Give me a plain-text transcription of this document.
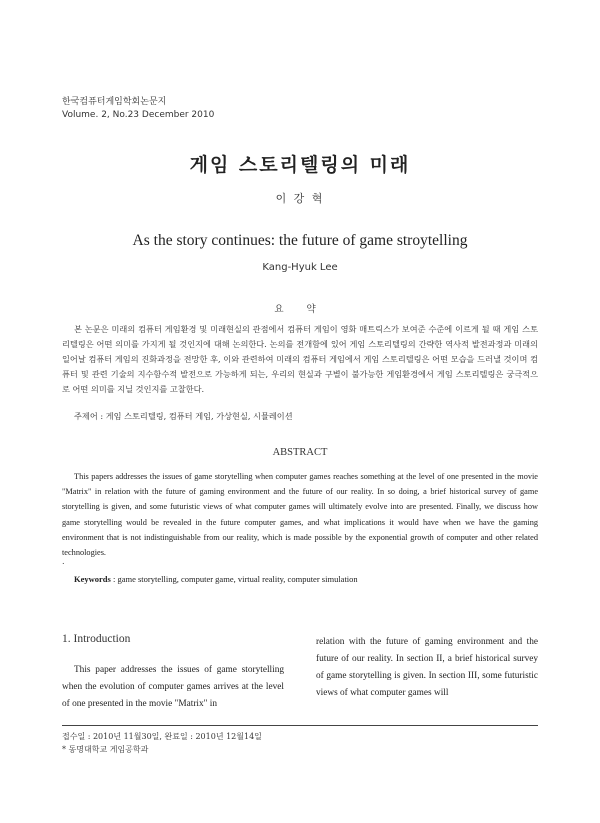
한국컴퓨터게임학회논문지
Volume. 2, No.23 December 2010
게임 스토리텔링의 미래
이 강 혁
As the story continues: the future of game stroytelling
Kang-Hyuk Lee
요 약
본 논문은 미래의 컴퓨터 게임환경 및 미래현실의 관점에서 컴퓨터 게임이 영화 매트릭스가 보여준 수준에 이르게 될 때 게임 스토리텔링은 어떤 의미를 가지게 될 것인지에 대해 논의한다. 논의를 전개함에 있어 게임 스토리텔링의 간략한 역사적 발전과정과 미래의 일어날 컴퓨터 게임의 진화과정을 전망한 후, 이와 관련하여 미래의 컴퓨터 게임에서 게임 스토리텔링은 어떤 모습을 드러낼 것이며 컴퓨터 및 관련 기술의 지수함수적 발전으로 가능하게 되는, 우리의 현실과 구별이 불가능한 게임환경에서 게임 스토리텔링은 궁극적으로 어떤 의미를 지닐 것인지를 고찰한다.
주제어 : 게임 스토리텔링, 컴퓨터 게임, 가상현실, 시뮬레이션
ABSTRACT
This papers addresses the issues of game storytelling when computer games reaches something at the level of one presented in the movie "Matrix" in relation with the future of gaming environment and the future of our reality. In so doing, a brief historical survey of game storytelling is given, and some futuristic views of what computer games will ultimately evolve into are presented. Finally, we discuss how game storytelling would be revealed in the future computer games, and what implications it would have when we have the gaming environment that is not indistinguishable from our reality, which is made possible by the exponential growth of computer and other related technologies.
.
Keywords : game storytelling, computer game, virtual reality, computer simulation
1. Introduction
This paper addresses the issues of game storytelling when the evolution of computer games arrives at the level of one presented in the movie "Matrix" in
relation with the future of gaming environment and the future of our reality. In section II, a brief historical survey of game storytelling is given. In section III, some futuristic views of what computer games will
접수일 : 2010년 11월30일, 완료일 : 2010년 12월14일
* 동명대학교 게임공학과
